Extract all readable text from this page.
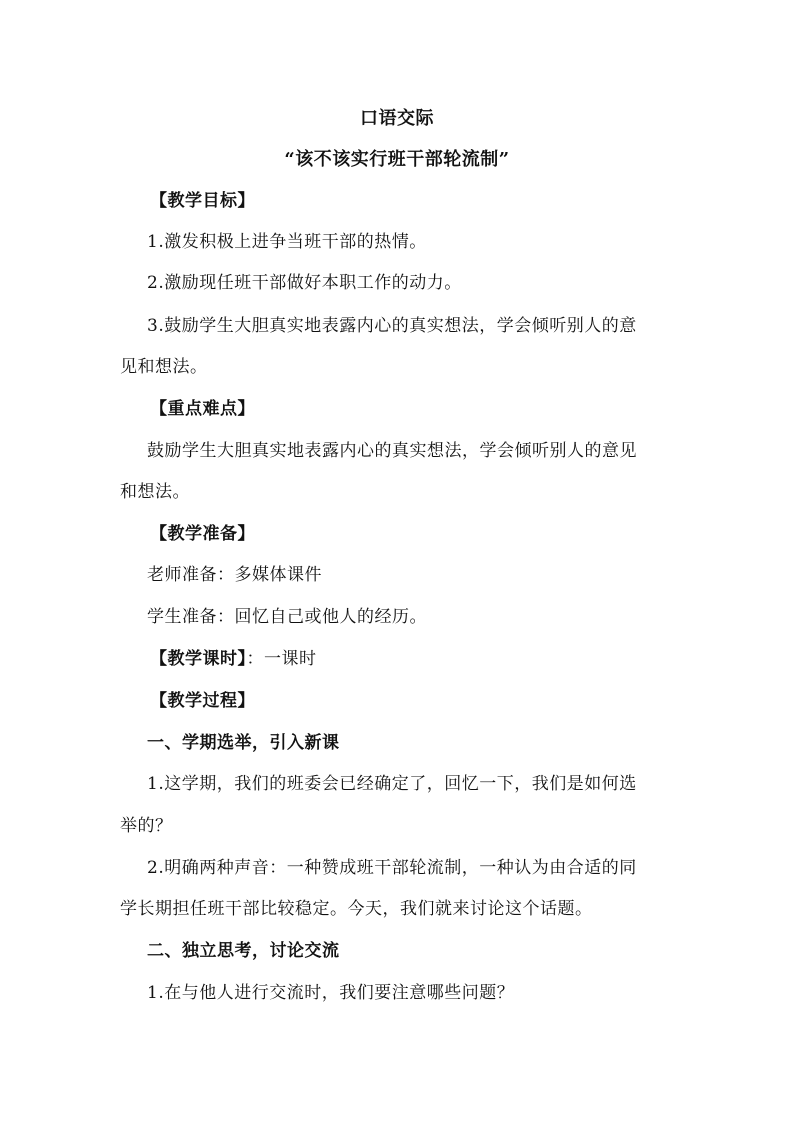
口语交际
“该不该实行班干部轮流制”
【教学目标】
1.激发积极上进争当班干部的热情。
2.激励现任班干部做好本职工作的动力。
3.鼓励学生大胆真实地表露内心的真实想法，学会倾听别人的意
见和想法。
【重点难点】
鼓励学生大胆真实地表露内心的真实想法，学会倾听别人的意见
和想法。
【教学准备】
老师准备：多媒体课件
学生准备：回忆自己或他人的经历。
【教学课时】：一课时
【教学过程】
一、学期选举，引入新课
1.这学期，我们的班委会已经确定了，回忆一下，我们是如何选
举的？
2.明确两种声音：一种赞成班干部轮流制，一种认为由合适的同
学长期担任班干部比较稳定。今天，我们就来讨论这个话题。
二、独立思考，讨论交流
1.在与他人进行交流时，我们要注意哪些问题？
